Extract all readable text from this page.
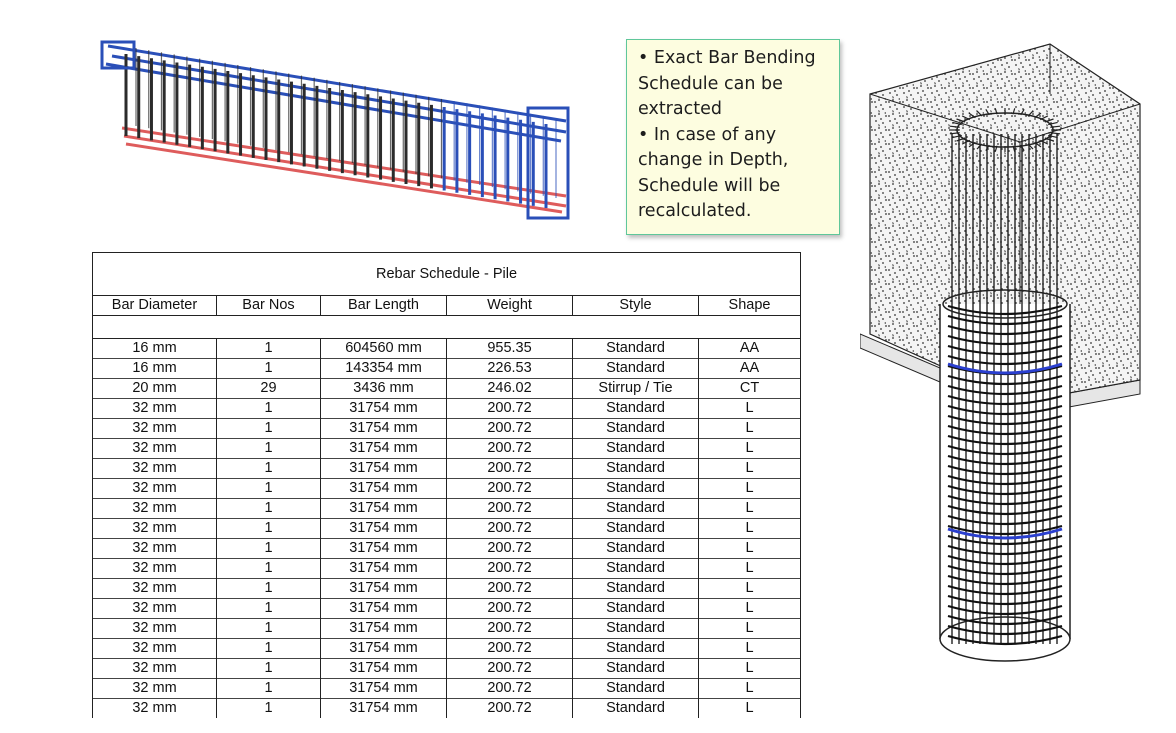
• Exact Bar Bending Schedule can be extracted

• In case of any change in Depth, Schedule will be recalculated.

Rebar Schedule - Pile					
Bar Diameter	Bar Nos	Bar Length	Weight	Style	Shape

16 mm	1	604560 mm	955.35	Standard	AA
16 mm	1	143354 mm	226.53	Standard	AA
20 mm	29	3436 mm	246.02	Stirrup / Tie	CT
32 mm	1	31754 mm	200.72	Standard	L
32 mm	1	31754 mm	200.72	Standard	L
32 mm	1	31754 mm	200.72	Standard	L
32 mm	1	31754 mm	200.72	Standard	L
32 mm	1	31754 mm	200.72	Standard	L
32 mm	1	31754 mm	200.72	Standard	L
32 mm	1	31754 mm	200.72	Standard	L
32 mm	1	31754 mm	200.72	Standard	L
32 mm	1	31754 mm	200.72	Standard	L
32 mm	1	31754 mm	200.72	Standard	L
32 mm	1	31754 mm	200.72	Standard	L
32 mm	1	31754 mm	200.72	Standard	L
32 mm	1	31754 mm	200.72	Standard	L
32 mm	1	31754 mm	200.72	Standard	L
32 mm	1	31754 mm	200.72	Standard	L
32 mm	1	31754 mm	200.72	Standard	L
